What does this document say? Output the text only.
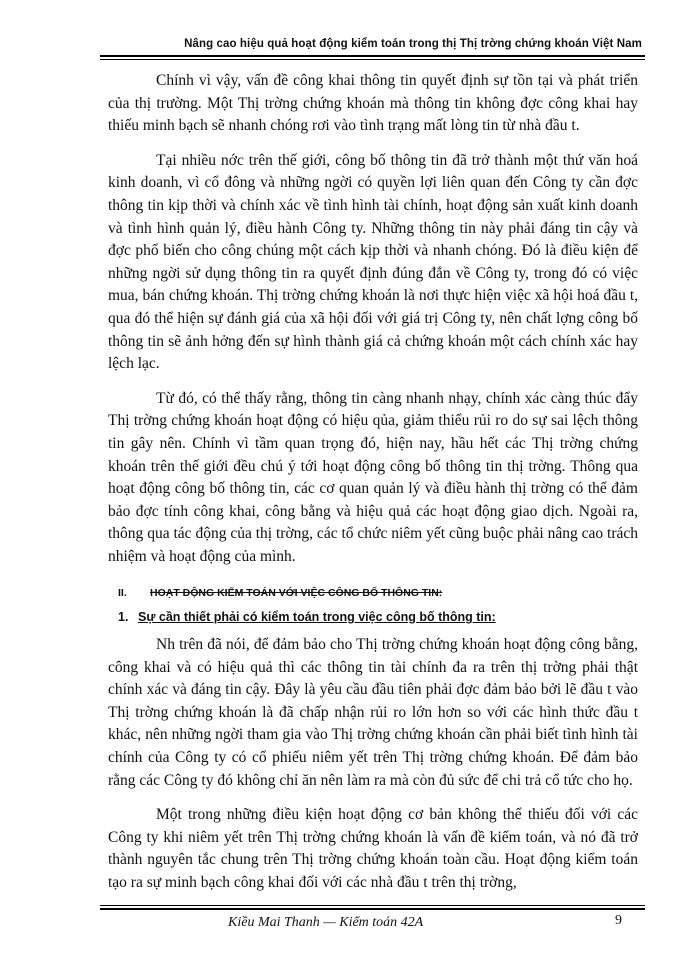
Nâng cao hiệu quả hoạt động kiểm toán trong thị Thị trờng chứng khoán Việt Nam

Chính vì vậy, vấn đề công khai thông tin quyết định sự tồn tại và phát triển của thị trường. Một Thị trờng chứng khoán mà thông tin không đợc công khai hay thiếu minh bạch sẽ nhanh chóng rơi vào tình trạng mất lòng tin từ nhà đầu t.

Tại nhiều nớc trên thế giới, công bố thông tin đã trở thành một thứ văn hoá kinh doanh, vì cổ đông và những ngời có quyền lợi liên quan đến Công ty cần đợc thông tin kịp thời và chính xác về tình hình tài chính, hoạt động sản xuất kinh doanh và tình hình quản lý, điều hành Công ty. Những thông tin này phải đáng tin cậy và đợc phổ biến cho công chúng một cách kịp thời và nhanh chóng. Đó là điều kiện để những ngời sử dụng thông tin ra quyết định đúng đắn về Công ty, trong đó có việc mua, bán chứng khoán. Thị trờng chứng khoán là nơi thực hiện việc xã hội hoá đầu t, qua đó thể hiện sự đánh giá của xã hội đối với giá trị Công ty, nên chất lợng công bố thông tin sẽ ảnh hởng đến sự hình thành giá cả chứng khoán một cách chính xác hay lệch lạc.

Từ đó, có thể thấy rằng, thông tin càng nhanh nhạy, chính xác càng thúc đẩy Thị trờng chứng khoán hoạt động có hiệu qủa, giảm thiểu rủi ro do sự sai lệch thông tin gây nên. Chính vì tầm quan trọng đó, hiện nay, hầu hết các Thị trờng chứng khoán trên thế giới đều chú ý tới hoạt động công bố thông tin thị trờng. Thông qua hoạt động công bố thông tin, các cơ quan quản lý và điều hành thị trờng có thể đảm bảo đợc tính công khai, công bằng và hiệu quả các hoạt động giao dịch. Ngoài ra, thông qua tác động của thị trờng, các tổ chức niêm yết cũng buộc phải nâng cao trách nhiệm và hoạt động của mình.

II. HOẠT ĐỘNG KIỂM TOÁN VỚI VIỆC CÔNG BỐ THÔNG TIN:
1. Sự cần thiết phải có kiểm toán trong việc công bố thông tin:

Nh trên đã nói, để đảm bảo cho Thị trờng chứng khoán hoạt động công bằng, công khai và có hiệu quả thì các thông tin tài chính đa ra trên thị trờng phải thật chính xác và đáng tin cậy. Đây là yêu cầu đầu tiên phải đợc đảm bảo bởi lẽ đầu t vào Thị trờng chứng khoán là đã chấp nhận rủi ro lớn hơn so với các hình thức đầu t khác, nên những ngời tham gia vào Thị trờng chứng khoán cần phải biết tình hình tài chính của Công ty có cổ phiếu niêm yết trên Thị trờng chứng khoán. Để đảm bảo rằng các Công ty đó không chỉ ăn nên làm ra mà còn đủ sức để chi trả cổ tức cho họ.

Một trong những điều kiện hoạt động cơ bản không thể thiếu đối với các Công ty khi niêm yết trên Thị trờng chứng khoán là vấn đề kiểm toán, và nó đã trở thành nguyên tắc chung trên Thị trờng chứng khoán toàn cầu. Hoạt động kiểm toán tạo ra sự minh bạch công khai đối với các nhà đầu t trên thị trờng,

Kiều Mai Thanh — Kiểm toán 42A	9
